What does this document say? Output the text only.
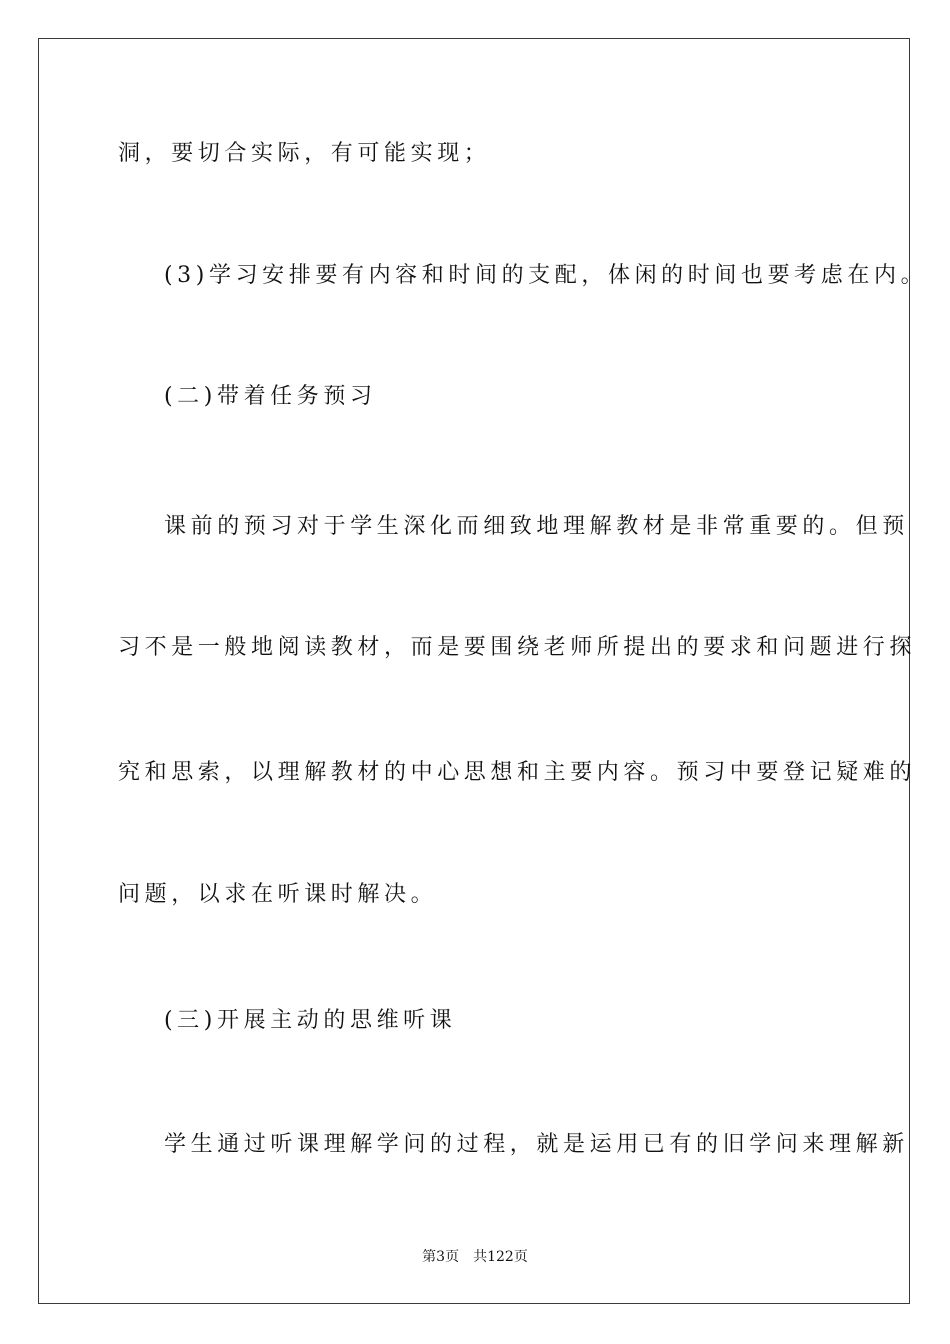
洞，要切合实际，有可能实现；
(3)学习安排要有内容和时间的支配，体闲的时间也要考虑在内。
(二)带着任务预习
课前的预习对于学生深化而细致地理解教材是非常重要的。但预
习不是一般地阅读教材，而是要围绕老师所提出的要求和问题进行探
究和思索，以理解教材的中心思想和主要内容。预习中要登记疑难的
问题，以求在听课时解决。
(三)开展主动的思维听课
学生通过听课理解学问的过程，就是运用已有的旧学问来理解新
第3页 共122页
